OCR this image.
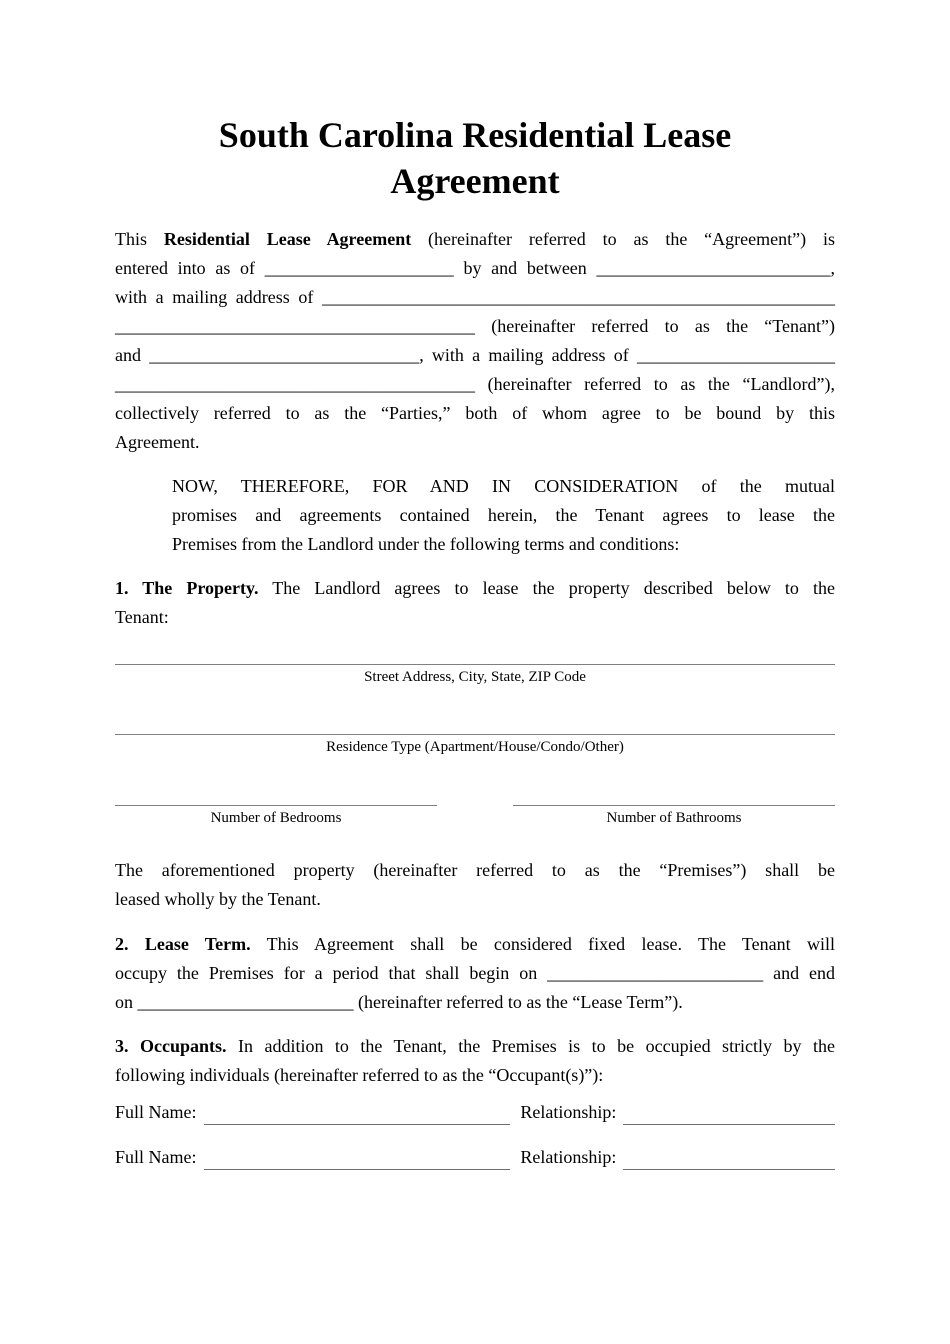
South Carolina Residential Lease
Agreement
This Residential Lease Agreement (hereinafter referred to as the “Agreement”) is
entered into as of _____________________ by and between __________________________,
with a mailing address of _________________________________________________________
________________________________________ (hereinafter referred to as the “Tenant”)
and ______________________________, with a mailing address of ______________________
________________________________________ (hereinafter referred to as the “Landlord”),
collectively referred to as the “Parties,” both of whom agree to be bound by this
Agreement.
NOW, THEREFORE, FOR AND IN CONSIDERATION of the mutual
promises and agreements contained herein, the Tenant agrees to lease the
Premises from the Landlord under the following terms and conditions:
1. The Property. The Landlord agrees to lease the property described below to the
Tenant:
Street Address, City, State, ZIP Code
Residence Type (Apartment/House/Condo/Other)
Number of Bedrooms	Number of Bathrooms
The aforementioned property (hereinafter referred to as the “Premises”) shall be
leased wholly by the Tenant.
2. Lease Term. This Agreement shall be considered fixed lease. The Tenant will
occupy the Premises for a period that shall begin on ________________________ and end
on ________________________ (hereinafter referred to as the “Lease Term”).
3. Occupants. In addition to the Tenant, the Premises is to be occupied strictly by the
following individuals (hereinafter referred to as the “Occupant(s)”):
Full Name:	Relationship:
Full Name:	Relationship:
